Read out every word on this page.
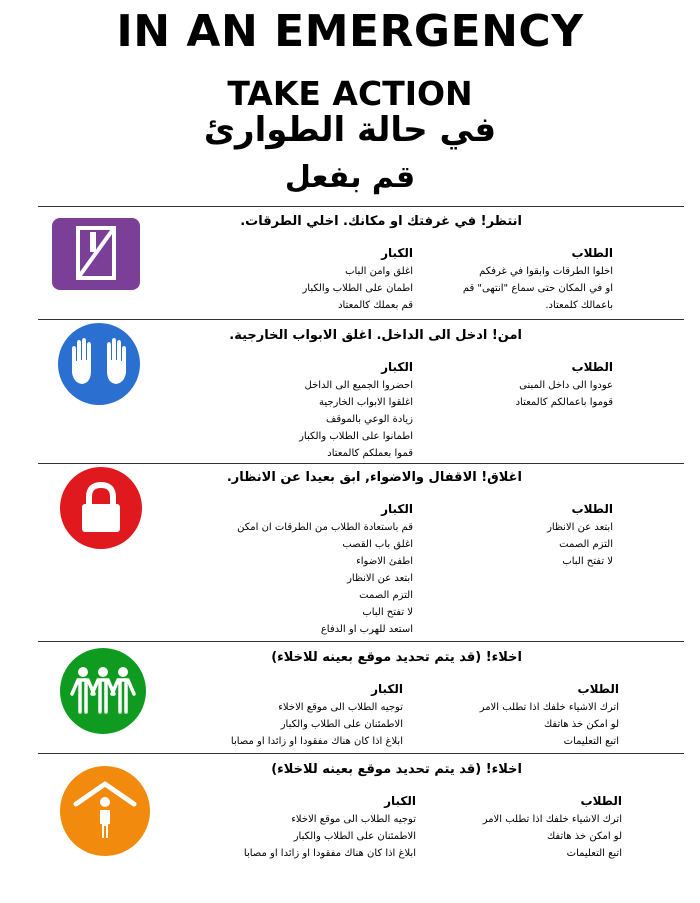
IN AN EMERGENCY
TAKE ACTION
في حالة الطوارئ
قم بفعل
انتظر! في غرفتك او مكانك. اخلي الطرقات.
الطلاب
اخلوا الطرقات وابقوا في غرفكم
او في المكان حتى سماع "انتهى" قم
باعمالك كلمعتاد.
الكبار
اغلق وامن الباب
اطمان على الطلاب والكبار
قم بعملك كالمعتاد
امن! ادخل الى الداخل. اغلق الابواب الخارجية.
الطلاب
عودوا الى داخل المبنى
قوموا باعمالكم كالمعتاد
الكبار
احضروا الجميع الى الداخل
اغلقوا الابواب الخارجية
زيادة الوعي بالموقف
اطمانوا على الطلاب والكبار
قموا بعملكم كالمعتاد
اغلاق! الاقفال والاضواء, ابق بعيدا عن الانظار.
الطلاب
ابتعد عن الانظار
التزم الصمت
لا تفتح الباب
الكبار
قم باستعادة الطلاب من الطرقات ان امكن
اغلق باب القصب
اطفئ الاضواء
ابتعد عن الانظار
التزم الصمت
لا تفتح الباب
استعد للهرب او الدفاع
اخلاء! (قد يتم تحديد موقع بعينه للاخلاء)
الطلاب
اترك الاشياء خلفك اذا تطلب الامر
لو امكن خذ هاتفك
اتبع التعليمات
الكبار
توجيه الطلاب الى موقع الاخلاء
الاطمئنان على الطلاب والكبار
ابلاغ اذا كان هناك مفقودا او زائدا او مصابا
اخلاء! (قد يتم تحديد موقع بعينه للاخلاء)
الطلاب
اترك الاشياء خلفك اذا تطلب الامر
لو امكن خذ هاتفك
اتبع التعليمات
الكبار
توجيه الطلاب الى موقع الاخلاء
الاطمئنان على الطلاب والكبار
ابلاغ اذا كان هناك مفقودا او زائدا او مصابا
